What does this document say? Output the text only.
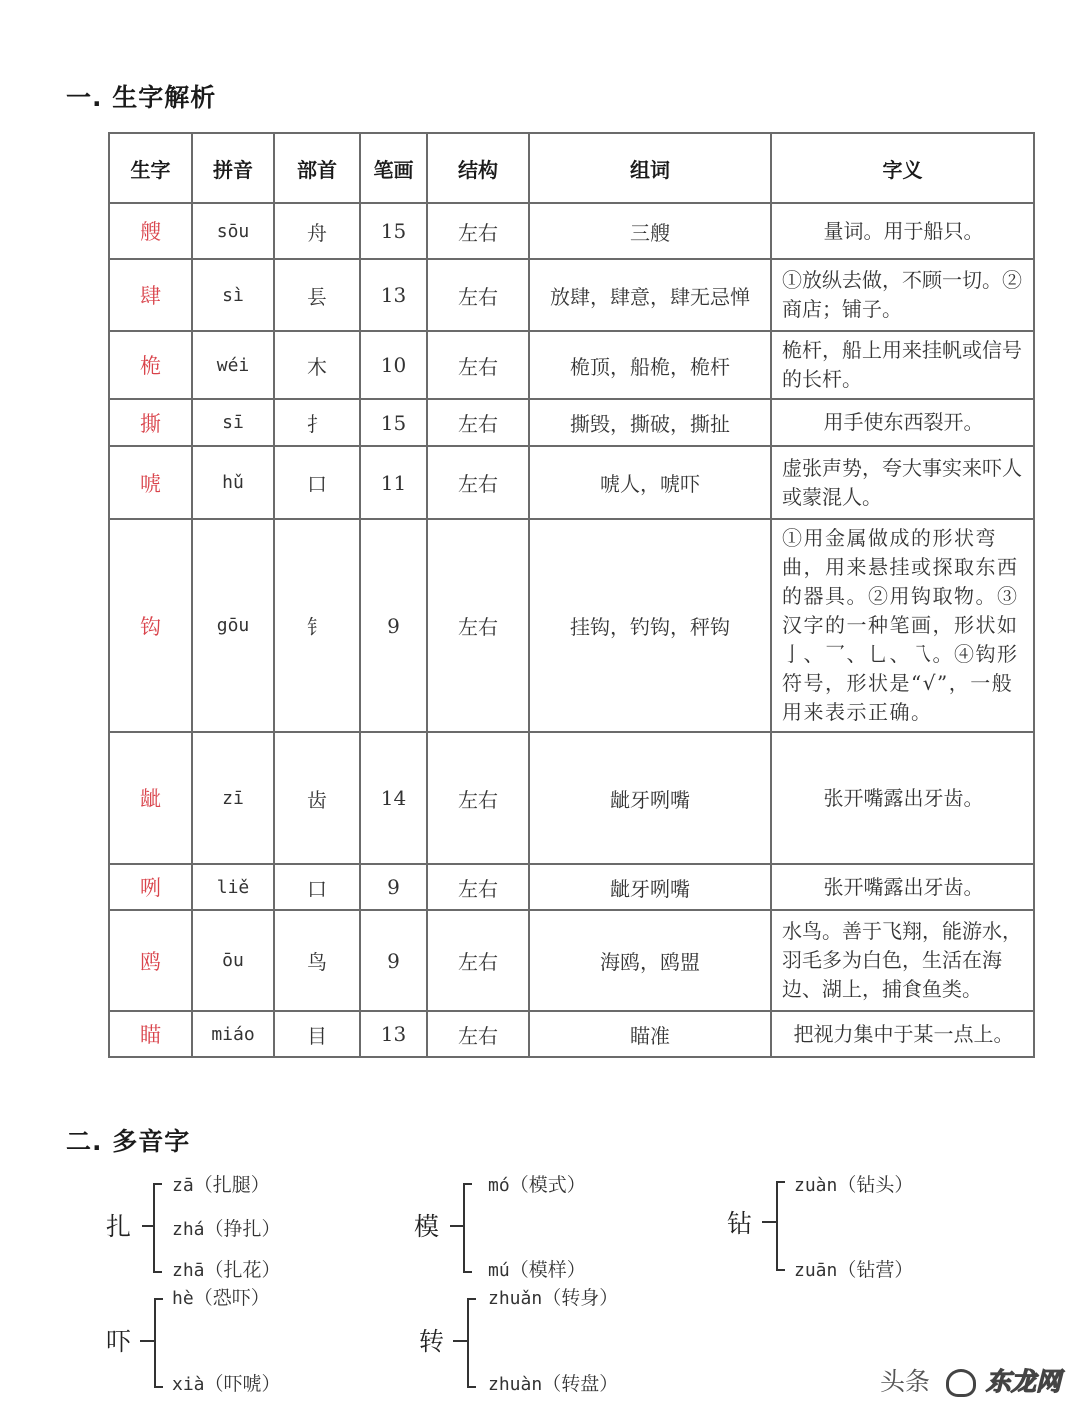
一. 生字解析
生字	拼音	部首	笔画	结构	组词	字义
艘	sōu	舟	15	左右	三艘	量词。用于船只。
肆	sì	镸	13	左右	放肆，肆意，肆无忌惮	①放纵去做，不顾一切。②商店；铺子。
桅	wéi	木	10	左右	桅顶，船桅，桅杆	桅杆，船上用来挂帆或信号的长杆。
撕	sī	扌	15	左右	撕毁，撕破，撕扯	用手使东西裂开。
唬	hǔ	口	11	左右	唬人，唬吓	虚张声势，夸大事实来吓人或蒙混人。
钩	gōu	钅	9	左右	挂钩，钓钩，秤钩	①用金属做成的形状弯曲，用来悬挂或探取东西的器具。②用钩取物。③汉字的一种笔画，形状如亅、乛、乚、乁。④钩形符号，形状是“√”，一般用来表示正确。
龇	zī	齿	14	左右	龇牙咧嘴	张开嘴露出牙齿。
咧	liě	口	9	左右	龇牙咧嘴	张开嘴露出牙齿。
鸥	ōu	鸟	9	左右	海鸥，鸥盟	水鸟。善于飞翔，能游水，羽毛多为白色，生活在海边、湖上，捕食鱼类。
瞄	miáo	目	13	左右	瞄准	把视力集中于某一点上。
二. 多音字
扎
zā（扎腿）
zhá（挣扎）
zhā（扎花）
模
mó（模式）
mú（模样）
钻
zuàn（钻头）
zuān（钻营）
吓
hè（恐吓）
xià（吓唬）
转
zhuǎn（转身）
zhuàn（转盘）	头条 东龙网
